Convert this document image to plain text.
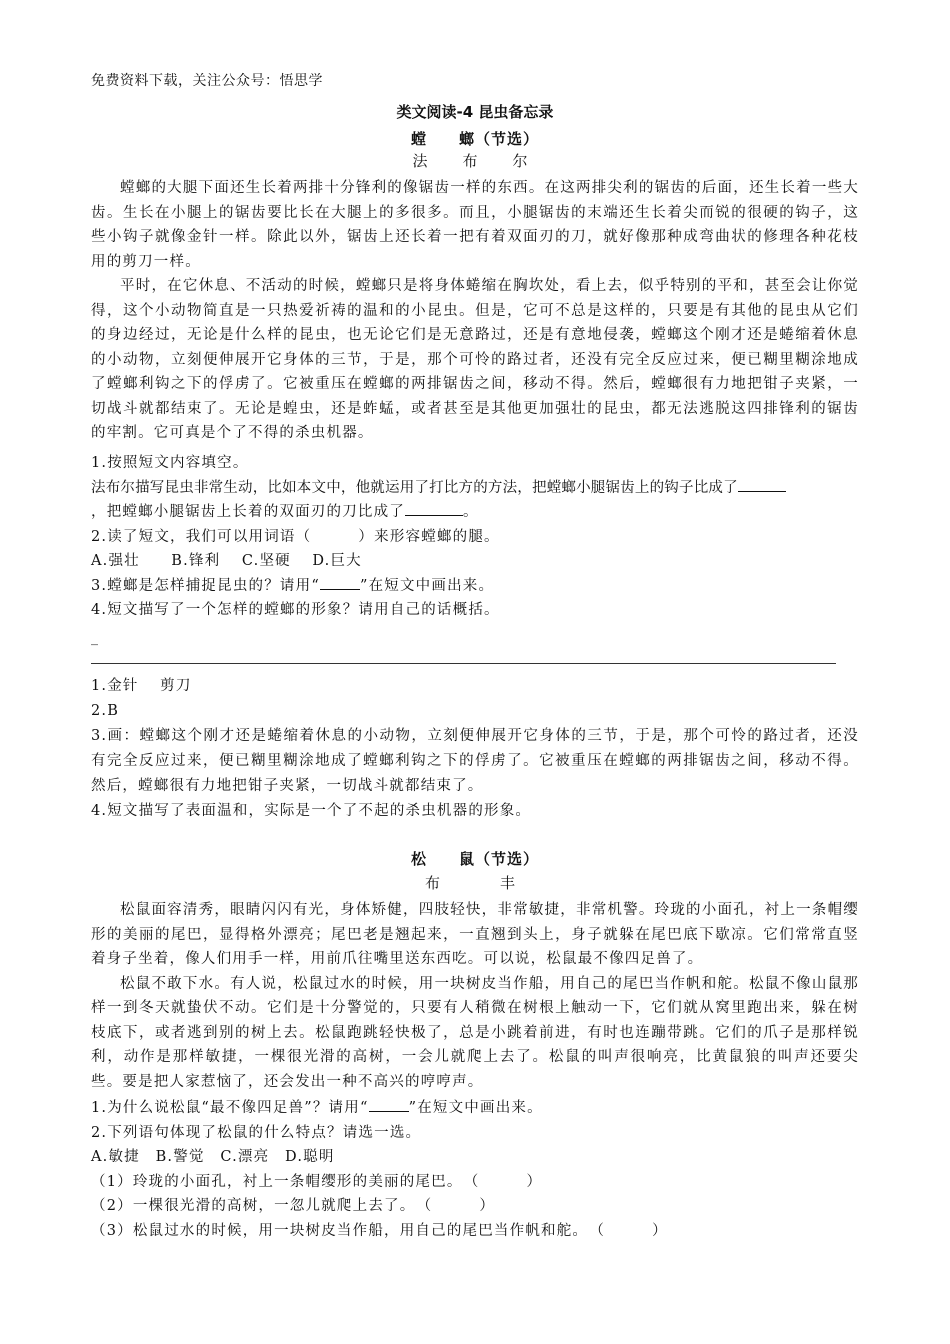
免费资料下载，关注公众号：悟思学
类文阅读-4 昆虫备忘录
螳　　螂（节选）
法　布　尔

螳螂的大腿下面还生长着两排十分锋利的像锯齿一样的东西。在这两排尖利的锯齿的后面，还生长着一些大齿。生长在小腿上的锯齿要比长在大腿上的多很多。而且，小腿锯齿的末端还生长着尖而锐的很硬的钩子，这些小钩子就像金针一样。除此以外，锯齿上还长着一把有着双面刃的刀，就好像那种成弯曲状的修理各种花枝用的剪刀一样。

平时，在它休息、不活动的时候，螳螂只是将身体蜷缩在胸坎处，看上去，似乎特别的平和，甚至会让你觉得，这个小动物简直是一只热爱祈祷的温和的小昆虫。但是，它可不总是这样的，只要是有其他的昆虫从它们的身边经过，无论是什么样的昆虫，也无论它们是无意路过，还是有意地侵袭，螳螂这个刚才还是蜷缩着休息的小动物，立刻便伸展开它身体的三节，于是，那个可怜的路过者，还没有完全反应过来，便已糊里糊涂地成了螳螂利钩之下的俘虏了。它被重压在螳螂的两排锯齿之间，移动不得。然后，螳螂很有力地把钳子夹紧，一切战斗就都结束了。无论是蝗虫，还是蚱蜢，或者甚至是其他更加强壮的昆虫，都无法逃脱这四排锋利的锯齿的牢割。它可真是个了不得的杀虫机器。

1.按照短文内容填空。

法布尔描写昆虫非常生动，比如本文中，他就运用了打比方的方法，把螳螂小腿锯齿上的钩子比成了

，把螳螂小腿锯齿上长着的双面刃的刀比成了	。

2.读了短文，我们可以用词语（　　　）来形容螳螂的腿。

A.强壮　　B.锋利　 C.坚硬　 D.巨大

3.螳螂是怎样捕捉昆虫的？请用“	”在短文中画出来。

4.短文描写了一个怎样的螳螂的形象？请用自己的话概括。

_

1.金针　 剪刀

2.B

3.画：螳螂这个刚才还是蜷缩着休息的小动物，立刻便伸展开它身体的三节，于是，那个可怜的路过者，还没有完全反应过来，便已糊里糊涂地成了螳螂利钩之下的俘虏了。它被重压在螳螂的两排锯齿之间，移动不得。然后，螳螂很有力地把钳子夹紧，一切战斗就都结束了。

4.短文描写了表面温和，实际是一个了不起的杀虫机器的形象。

松　　鼠（节选）
布　　丰

松鼠面容清秀，眼睛闪闪有光，身体矫健，四肢轻快，非常敏捷，非常机警。玲珑的小面孔，衬上一条帽缨形的美丽的尾巴，显得格外漂亮；尾巴老是翘起来，一直翘到头上，身子就躲在尾巴底下歇凉。它们常常直竖着身子坐着，像人们用手一样，用前爪往嘴里送东西吃。可以说，松鼠最不像四足兽了。

松鼠不敢下水。有人说，松鼠过水的时候，用一块树皮当作船，用自己的尾巴当作帆和舵。松鼠不像山鼠那样一到冬天就蛰伏不动。它们是十分警觉的，只要有人稍微在树根上触动一下，它们就从窝里跑出来，躲在树枝底下，或者逃到别的树上去。松鼠跑跳轻快极了，总是小跳着前进，有时也连蹦带跳。它们的爪子是那样锐利，动作是那样敏捷，一棵很光滑的高树，一会儿就爬上去了。松鼠的叫声很响亮，比黄鼠狼的叫声还要尖些。要是把人家惹恼了，还会发出一种不高兴的哼哼声。

1.为什么说松鼠“最不像四足兽”？请用“	”在短文中画出来。

2.下列语句体现了松鼠的什么特点？请选一选。

A.敏捷　B.警觉　C.漂亮　D.聪明

（1）玲珑的小面孔，衬上一条帽缨形的美丽的尾巴。　（　　　）

（2）一棵很光滑的高树，一忽儿就爬上去了。　（　　　）

（3）松鼠过水的时候，用一块树皮当作船，用自己的尾巴当作帆和舵。　（　　　）
